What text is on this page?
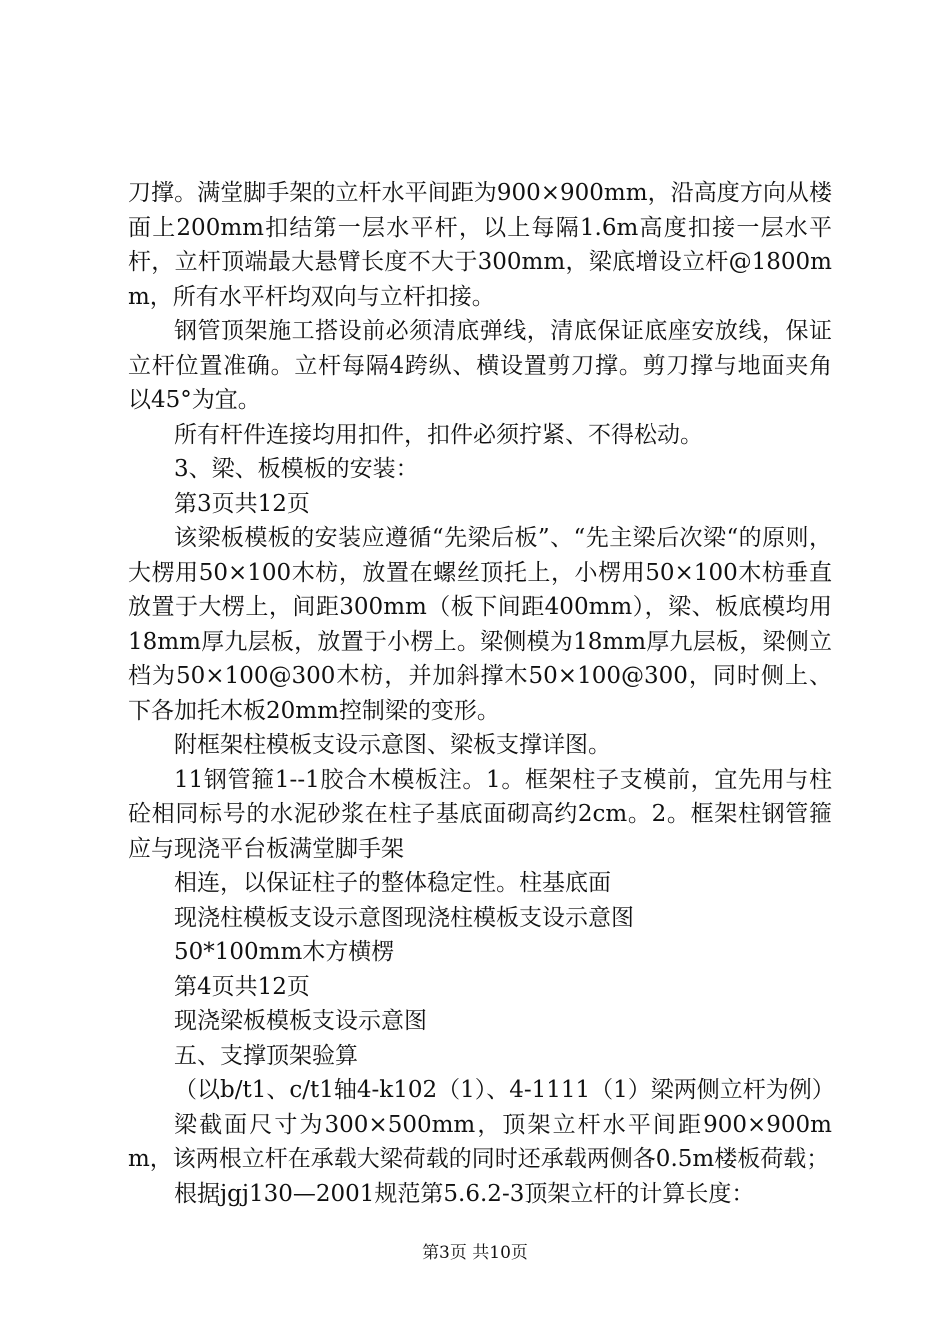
刀撑。满堂脚手架的立杆水平间距为900×900mm，沿高度方向从楼面上200mm扣结第一层水平杆，以上每隔1.6m高度扣接一层水平杆，立杆顶端最大悬臂长度不大于300mm，梁底增设立杆@1800mm，所有水平杆均双向与立杆扣接。

钢管顶架施工搭设前必须清底弹线，清底保证底座安放线，保证立杆位置准确。立杆每隔4跨纵、横设置剪刀撑。剪刀撑与地面夹角以45°为宜。

所有杆件连接均用扣件，扣件必须拧紧、不得松动。

3、梁、板模板的安装：

第3页共12页

该梁板模板的安装应遵循“先梁后板”、“先主梁后次梁“的原则，大楞用50×100木枋，放置在螺丝顶托上，小楞用50×100木枋垂直放置于大楞上，间距300mm（板下间距400mm），梁、板底模均用18mm厚九层板，放置于小楞上。梁侧模为18mm厚九层板，梁侧立档为50×100@300木枋，并加斜撑木50×100@300，同时侧上、下各加托木板20mm控制梁的变形。

附框架柱模板支设示意图、梁板支撑详图。

11钢管箍1--1胶合木模板注。1。框架柱子支模前，宜先用与柱砼相同标号的水泥砂浆在柱子基底面砌高约2cm。2。框架柱钢管箍应与现浇平台板满堂脚手架

相连，以保证柱子的整体稳定性。柱基底面

现浇柱模板支设示意图现浇柱模板支设示意图

50*100mm木方横楞

第4页共12页

现浇梁板模板支设示意图

五、支撑顶架验算

（以b/t1、c/t1轴4-k102（1）、4-1111（1）梁两侧立杆为例）

梁截面尺寸为300×500mm，顶架立杆水平间距900×900mm，该两根立杆在承载大梁荷载的同时还承载两侧各0.5m楼板荷载；

根据jgj130—2001规范第5.6.2-3顶架立杆的计算长度：

第3页 共10页
